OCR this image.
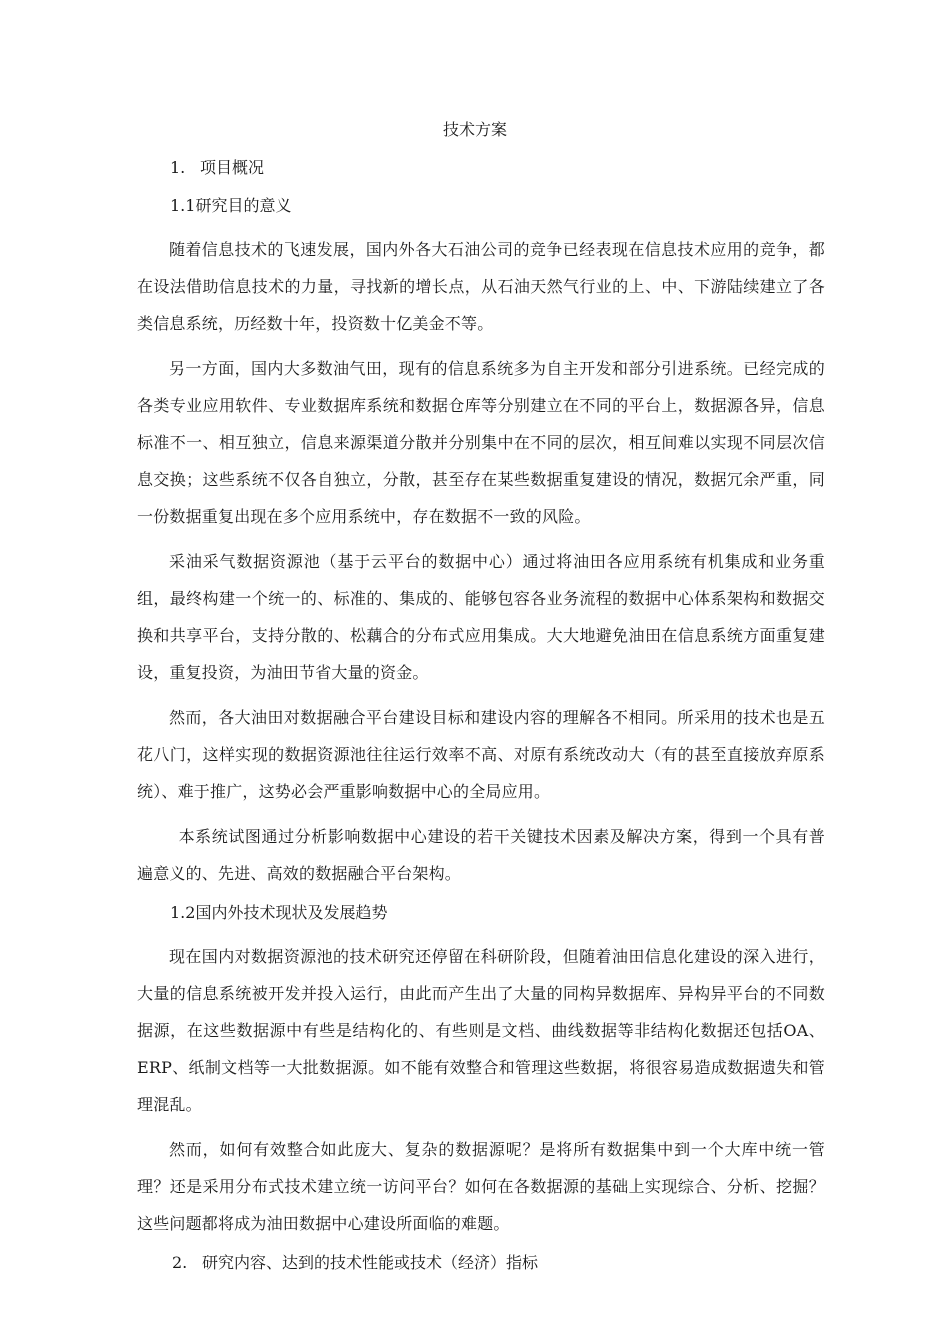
技术方案
1. 项目概况
1.1研究目的意义

随着信息技术的飞速发展，国内外各大石油公司的竞争已经表现在信息技术应用的竞争，都在设法借助信息技术的力量，寻找新的增长点，从石油天然气行业的上、中、下游陆续建立了各类信息系统，历经数十年，投资数十亿美金不等。

另一方面，国内大多数油气田，现有的信息系统多为自主开发和部分引进系统。已经完成的各类专业应用软件、专业数据库系统和数据仓库等分别建立在不同的平台上，数据源各异，信息标准不一、相互独立，信息来源渠道分散并分别集中在不同的层次，相互间难以实现不同层次信息交换；这些系统不仅各自独立，分散，甚至存在某些数据重复建设的情况，数据冗余严重，同一份数据重复出现在多个应用系统中，存在数据不一致的风险。

采油采气数据资源池（基于云平台的数据中心）通过将油田各应用系统有机集成和业务重组，最终构建一个统一的、标准的、集成的、能够包容各业务流程的数据中心体系架构和数据交换和共享平台，支持分散的、松藕合的分布式应用集成。大大地避免油田在信息系统方面重复建设，重复投资，为油田节省大量的资金。

然而，各大油田对数据融合平台建设目标和建设内容的理解各不相同。所采用的技术也是五花八门，这样实现的数据资源池往往运行效率不高、对原有系统改动大（有的甚至直接放弃原系统）、难于推广，这势必会严重影响数据中心的全局应用。

本系统试图通过分析影响数据中心建设的若干关键技术因素及解决方案，得到一个具有普遍意义的、先进、高效的数据融合平台架构。

1.2国内外技术现状及发展趋势

现在国内对数据资源池的技术研究还停留在科研阶段，但随着油田信息化建设的深入进行，大量的信息系统被开发并投入运行，由此而产生出了大量的同构异数据库、异构异平台的不同数据源，在这些数据源中有些是结构化的、有些则是文档、曲线数据等非结构化数据还包括OA、ERP、纸制文档等一大批数据源。如不能有效整合和管理这些数据，将很容易造成数据遗失和管理混乱。

然而，如何有效整合如此庞大、复杂的数据源呢？是将所有数据集中到一个大库中统一管理？还是采用分布式技术建立统一访问平台？如何在各数据源的基础上实现综合、分析、挖掘？这些问题都将成为油田数据中心建设所面临的难题。

2. 研究内容、达到的技术性能或技术（经济）指标
